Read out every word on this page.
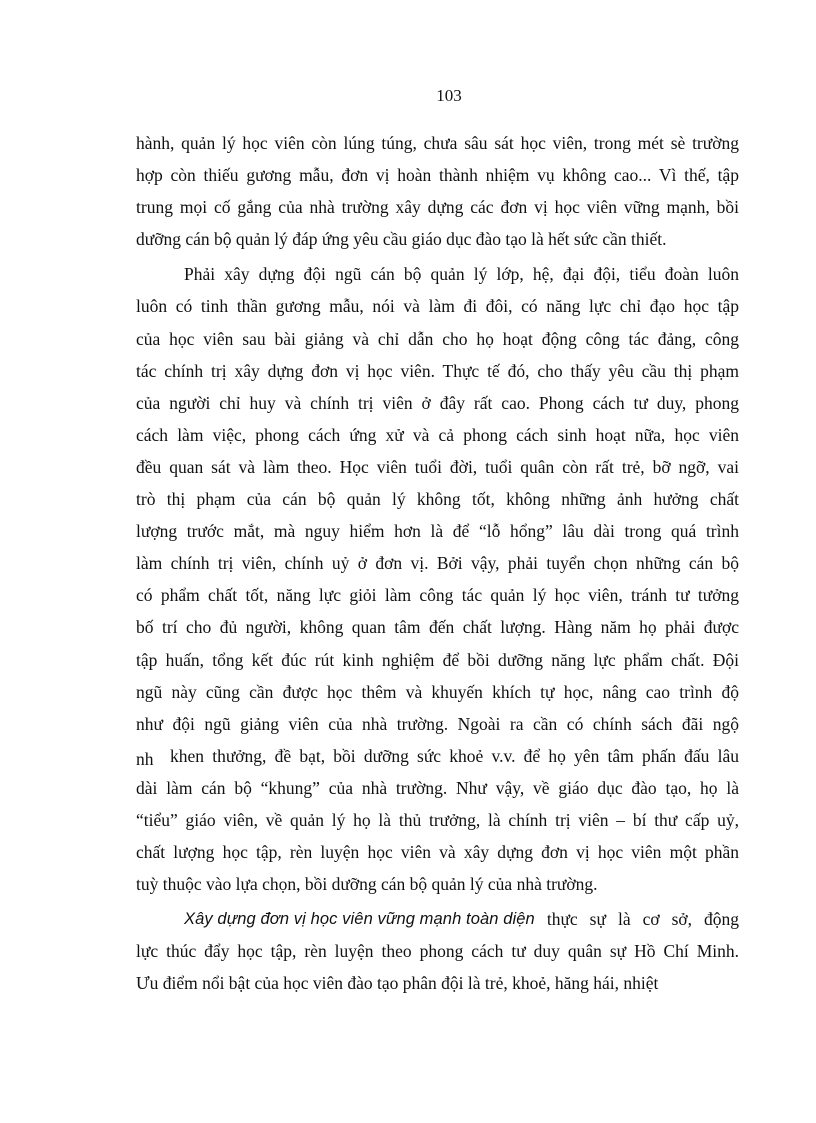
103
hành, quản lý học viên còn lúng túng, chưa sâu sát học viên, trong mét sè trường
hợp còn thiếu gương mẫu, đơn vị hoàn thành nhiệm vụ không cao... Vì thế, tập
trung mọi cố gắng của nhà trường xây dựng các đơn vị học viên vững mạnh, bồi
dưỡng cán bộ quản lý đáp ứng yêu cầu giáo dục đào tạo là hết sức cần thiết.
Phải xây dựng đội ngũ cán bộ quản lý lớp, hệ, đại đội, tiểu đoàn luôn
luôn có tinh thần gương mẫu, nói và làm đi đôi, có năng lực chỉ đạo học tập
của học viên sau bài giảng và chỉ dẫn cho họ hoạt động công tác đảng, công
tác chính trị xây dựng đơn vị học viên. Thực tế đó, cho thấy yêu cầu thị phạm
của người chỉ huy và chính trị viên ở đây rất cao. Phong cách tư duy, phong
cách làm việc, phong cách ứng xử và cả phong cách sinh hoạt nữa, học viên
đều quan sát và làm theo. Học viên tuổi đời, tuổi quân còn rất trẻ, bỡ ngỡ, vai
trò thị phạm của cán bộ quản lý không tốt, không những ảnh hưởng chất
lượng trước mắt, mà nguy hiểm hơn là để “lỗ hổng” lâu dài trong quá trình
làm chính trị viên, chính uỷ ở đơn vị. Bởi vậy, phải tuyển chọn những cán bộ
có phẩm chất tốt, năng lực giỏi làm công tác quản lý học viên, tránh tư tưởng
bố trí cho đủ người, không quan tâm đến chất lượng. Hàng năm họ phải được
tập huấn, tổng kết đúc rút kinh nghiệm để bồi dưỡng năng lực phẩm chất. Đội
ngũ này cũng cần được học thêm và khuyến khích tự học, nâng cao trình độ
như đội ngũ giảng viên của nhà trường. Ngoài ra cần có chính sách đãi ngộ
nh khen thưởng, đề bạt, bồi dưỡng sức khoẻ v.v. để họ yên tâm phấn đấu lâu
dài làm cán bộ “khung” của nhà trường. Như vậy, về giáo dục đào tạo, họ là
“tiểu” giáo viên, về quản lý họ là thủ trưởng, là chính trị viên – bí thư cấp uỷ,
chất lượng học tập, rèn luyện học viên và xây dựng đơn vị học viên một phần
tuỳ thuộc vào lựa chọn, bồi dưỡng cán bộ quản lý của nhà trường.
Xây dựng đơn vị học viên vững mạnh toàn diện thực sự là cơ sở, động
lực thúc đẩy học tập, rèn luyện theo phong cách tư duy quân sự Hồ Chí Minh.
Ưu điểm nổi bật của học viên đào tạo phân đội là trẻ, khoẻ, hăng hái, nhiệt
